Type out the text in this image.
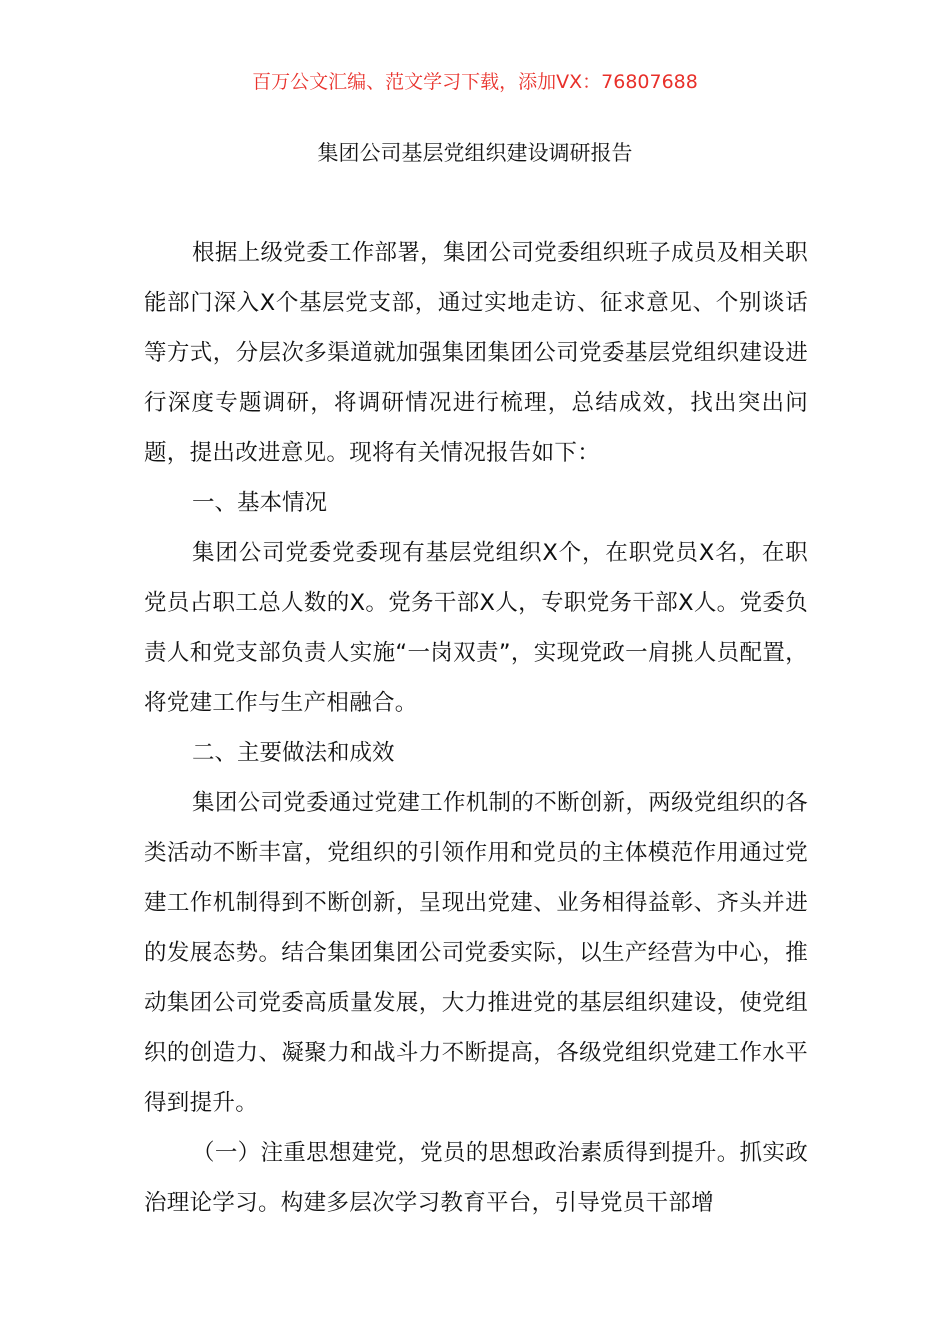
百万公文汇编、范文学习下载，添加VX：76807688
集团公司基层党组织建设调研报告

根据上级党委工作部署，集团公司党委组织班子成员及相关职能部门深入X个基层党支部，通过实地走访、征求意见、个别谈话等方式，分层次多渠道就加强集团集团公司党委基层党组织建设进行深度专题调研，将调研情况进行梳理，总结成效，找出突出问题，提出改进意见。现将有关情况报告如下：

一、基本情况

集团公司党委党委现有基层党组织X个，在职党员X名，在职党员占职工总人数的X。党务干部X人，专职党务干部X人。党委负责人和党支部负责人实施“一岗双责”，实现党政一肩挑人员配置，将党建工作与生产相融合。

二、主要做法和成效

集团公司党委通过党建工作机制的不断创新，两级党组织的各类活动不断丰富，党组织的引领作用和党员的主体模范作用通过党建工作机制得到不断创新，呈现出党建、业务相得益彰、齐头并进的发展态势。结合集团集团公司党委实际，以生产经营为中心，推动集团公司党委高质量发展，大力推进党的基层组织建设，使党组织的创造力、凝聚力和战斗力不断提高，各级党组织党建工作水平得到提升。

（一）注重思想建党，党员的思想政治素质得到提升。抓实政治理论学习。构建多层次学习教育平台，引导党员干部增
